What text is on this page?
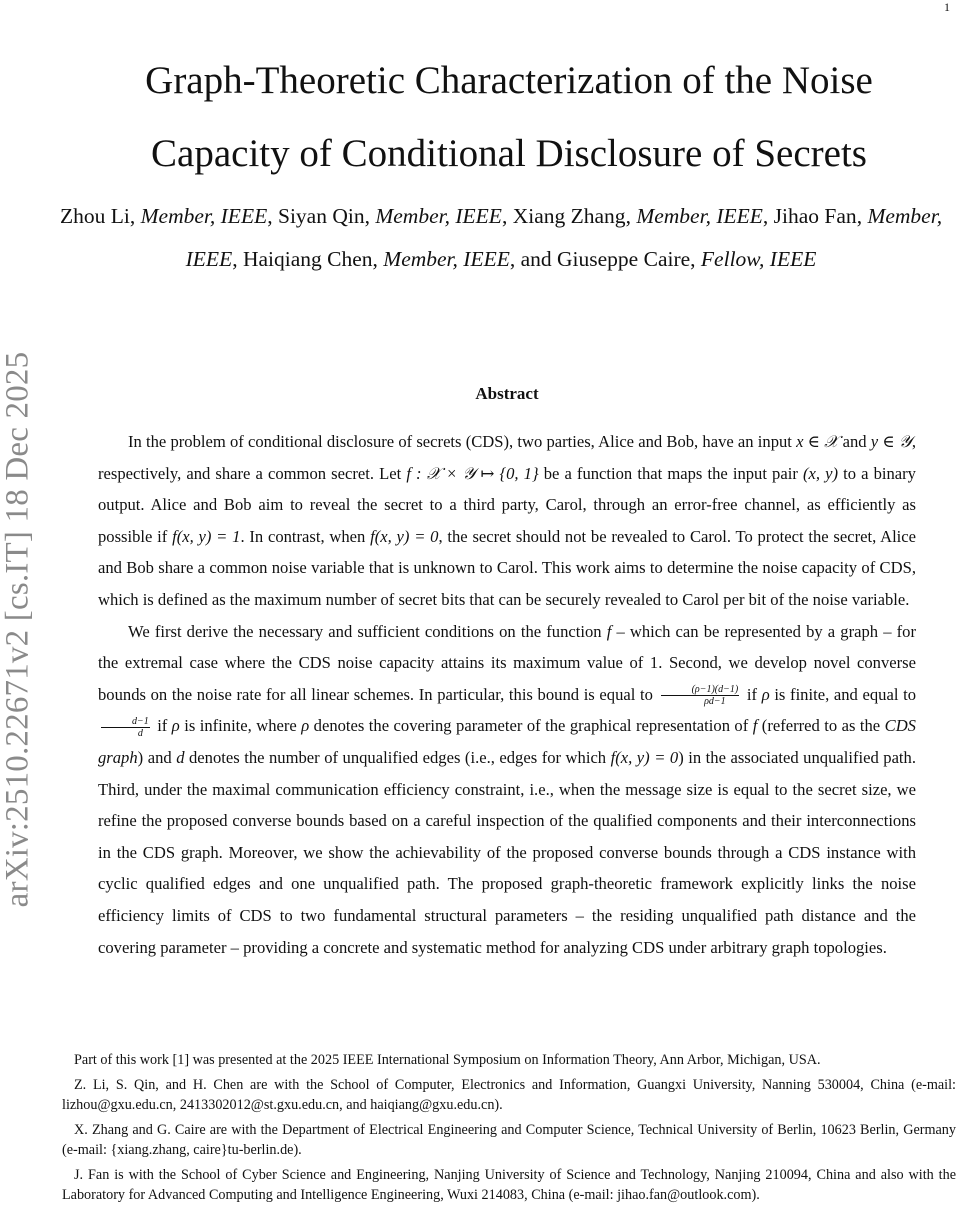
1
arXiv:2510.22671v2 [cs.IT] 18 Dec 2025
Graph-Theoretic Characterization of the Noise
Capacity of Conditional Disclosure of Secrets
Zhou Li, Member, IEEE, Siyan Qin, Member, IEEE, Xiang Zhang, Member, IEEE, Jihao Fan, Member, IEEE, Haiqiang Chen, Member, IEEE, and Giuseppe Caire, Fellow, IEEE
Abstract

In the problem of conditional disclosure of secrets (CDS), two parties, Alice and Bob, have an input x ∈ 𝒳 and y ∈ 𝒴, respectively, and share a common secret. Let f : 𝒳 × 𝒴 ↦ {0, 1} be a function that maps the input pair (x, y) to a binary output. Alice and Bob aim to reveal the secret to a third party, Carol, through an error-free channel, as efficiently as possible if f(x, y) = 1. In contrast, when f(x, y) = 0, the secret should not be revealed to Carol. To protect the secret, Alice and Bob share a common noise variable that is unknown to Carol. This work aims to determine the noise capacity of CDS, which is defined as the maximum number of secret bits that can be securely revealed to Carol per bit of the noise variable.

We first derive the necessary and sufficient conditions on the function f – which can be represented by a graph – for the extremal case where the CDS noise capacity attains its maximum value of 1. Second, we develop novel converse bounds on the noise rate for all linear schemes. In particular, this bound is equal to $\frac{(\rho-1)(d-1)}{\rho d-1}$ if ρ is finite, and equal to
$\frac{d-1}{d}$ if ρ is infinite, where ρ denotes the covering parameter of the graphical representation of f (referred to as the CDS graph) and d denotes the number of unqualified edges (i.e., edges for which f(x, y) = 0) in the associated unqualified path. Third, under the maximal communication efficiency constraint, i.e., when the message size is equal to the secret size, we refine the proposed converse bounds based on a careful inspection of the qualified components and their interconnections in the CDS graph. Moreover, we show the achievability of the proposed converse bounds through a CDS instance with cyclic qualified edges and one unqualified path. The proposed graph-theoretic framework explicitly links the noise efficiency limits of CDS to two fundamental structural parameters – the residing unqualified path distance and the covering parameter – providing a concrete and systematic method for analyzing CDS under arbitrary graph topologies.

Part of this work [1] was presented at the 2025 IEEE International Symposium on Information Theory, Ann Arbor, Michigan, USA.

Z. Li, S. Qin, and H. Chen are with the School of Computer, Electronics and Information, Guangxi University, Nanning 530004, China (e-mail: lizhou@gxu.edu.cn, 2413302012@st.gxu.edu.cn, and haiqiang@gxu.edu.cn).

X. Zhang and G. Caire are with the Department of Electrical Engineering and Computer Science, Technical University of Berlin, 10623 Berlin, Germany (e-mail: {xiang.zhang, caire}tu-berlin.de).

J. Fan is with the School of Cyber Science and Engineering, Nanjing University of Science and Technology, Nanjing 210094, China and also with the Laboratory for Advanced Computing and Intelligence Engineering, Wuxi 214083, China (e-mail: jihao.fan@outlook.com).
